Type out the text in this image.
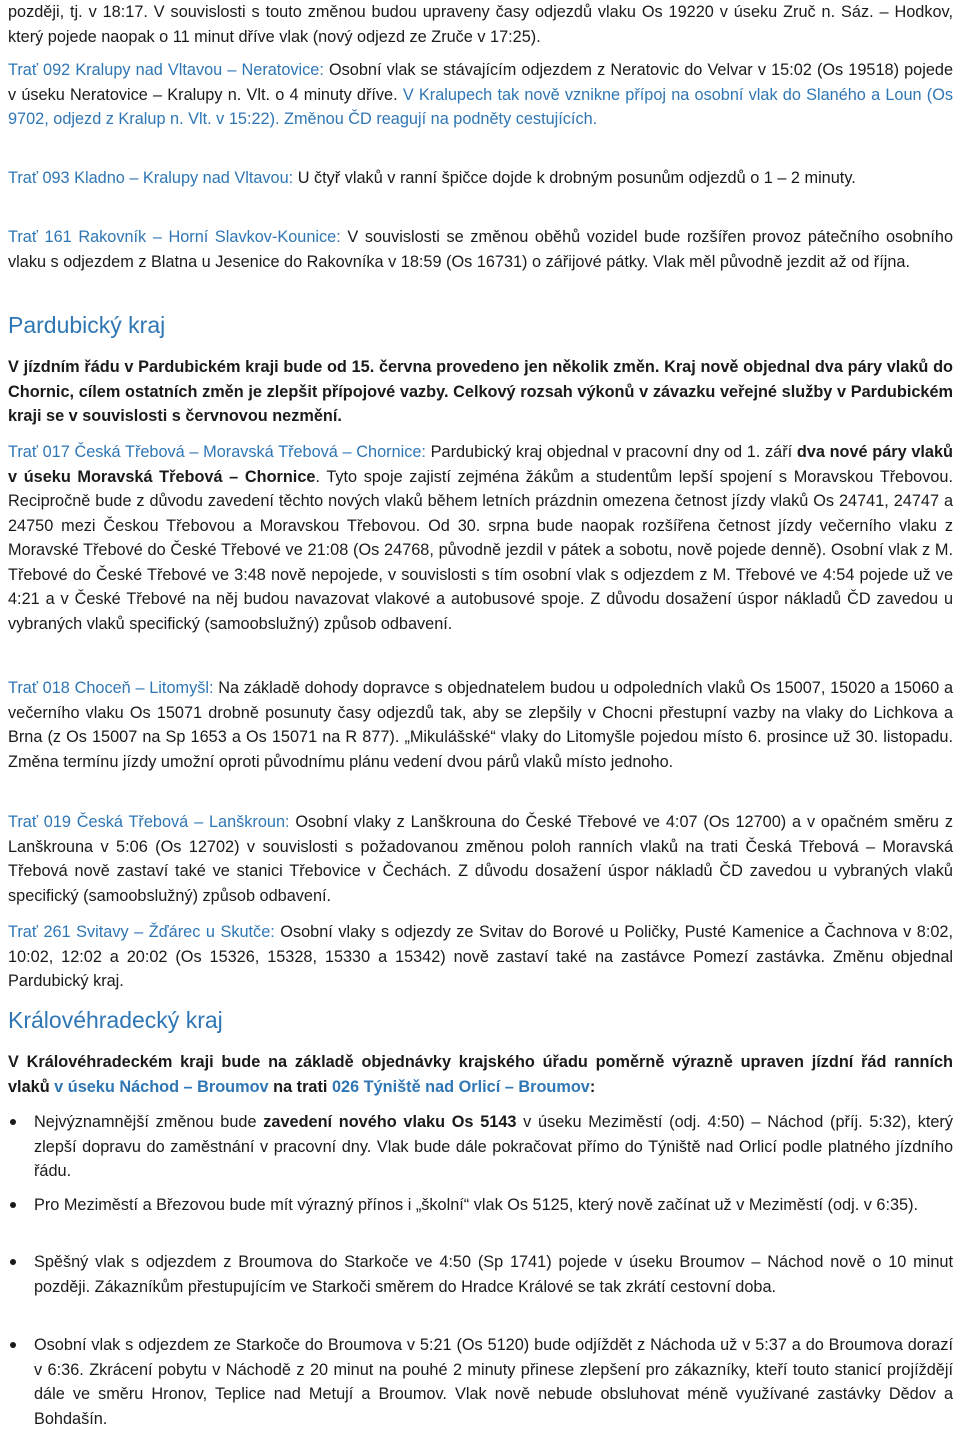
později, tj. v 18:17. V souvislosti s touto změnou budou upraveny časy odjezdů vlaku Os 19220 v úseku Zruč n. Sáz. – Hodkov, který pojede naopak o 11 minut dříve vlak (nový odjezd ze Zruče v 17:25).

Trať 092 Kralupy nad Vltavou – Neratovice: Osobní vlak se stávajícím odjezdem z Neratovic do Velvar v 15:02 (Os 19518) pojede v úseku Neratovice – Kralupy n. Vlt. o 4 minuty dříve. V Kralupech tak nově vznikne přípoj na osobní vlak do Slaného a Loun (Os 9702, odjezd z Kralup n. Vlt. v 15:22). Změnou ČD reagují na podněty cestujících.

Trať 093 Kladno – Kralupy nad Vltavou: U čtyř vlaků v ranní špičce dojde k drobným posunům odjezdů o 1 – 2 minuty.

Trať 161 Rakovník – Horní Slavkov-Kounice: V souvislosti se změnou oběhů vozidel bude rozšířen provoz pátečního osobního vlaku s odjezdem z Blatna u Jesenice do Rakovníka v 18:59 (Os 16731) o zářijové pátky. Vlak měl původně jezdit až od října.

Pardubický kraj

V jízdním řádu v Pardubickém kraji bude od 15. června provedeno jen několik změn. Kraj nově objednal dva páry vlaků do Chornic, cílem ostatních změn je zlepšit přípojové vazby. Celkový rozsah výkonů v závazku veřejné služby v Pardubickém kraji se v souvislosti s červnovou nezmění.

Trať 017 Česká Třebová – Moravská Třebová – Chornice: Pardubický kraj objednal v pracovní dny od 1. září dva nové páry vlaků v úseku Moravská Třebová – Chornice. Tyto spoje zajistí zejména žákům a studentům lepší spojení s Moravskou Třebovou. Recipročně bude z důvodu zavedení těchto nových vlaků během letních prázdnin omezena četnost jízdy vlaků Os 24741, 24747 a 24750 mezi Českou Třebovou a Moravskou Třebovou. Od 30. srpna bude naopak rozšířena četnost jízdy večerního vlaku z Moravské Třebové do České Třebové ve 21:08 (Os 24768, původně jezdil v pátek a sobotu, nově pojede denně). Osobní vlak z M. Třebové do České Třebové ve 3:48 nově nepojede, v souvislosti s tím osobní vlak s odjezdem z M. Třebové ve 4:54 pojede už ve 4:21 a v České Třebové na něj budou navazovat vlakové a autobusové spoje. Z důvodu dosažení úspor nákladů ČD zavedou u vybraných vlaků specifický (samoobslužný) způsob odbavení.

Trať 018 Choceň – Litomyšl: Na základě dohody dopravce s objednatelem budou u odpoledních vlaků Os 15007, 15020 a 15060 a večerního vlaku Os 15071 drobně posunuty časy odjezdů tak, aby se zlepšily v Chocni přestupní vazby na vlaky do Lichkova a Brna (z Os 15007 na Sp 1653 a Os 15071 na R 877). „Mikulášské“ vlaky do Litomyšle pojedou místo 6. prosince už 30. listopadu. Změna termínu jízdy umožní oproti původnímu plánu vedení dvou párů vlaků místo jednoho.

Trať 019 Česká Třebová – Lanškroun: Osobní vlaky z Lanškrouna do České Třebové ve 4:07 (Os 12700) a v opačném směru z Lanškrouna v 5:06 (Os 12702) v souvislosti s požadovanou změnou poloh ranních vlaků na trati Česká Třebová – Moravská Třebová nově zastaví také ve stanici Třebovice v Čechách. Z důvodu dosažení úspor nákladů ČD zavedou u vybraných vlaků specifický (samoobslužný) způsob odbavení.

Trať 261 Svitavy – Žďárec u Skutče: Osobní vlaky s odjezdy ze Svitav do Borové u Poličky, Pusté Kamenice a Čachnova v 8:02, 10:02, 12:02 a 20:02 (Os 15326, 15328, 15330 a 15342) nově zastaví také na zastávce Pomezí zastávka. Změnu objednal Pardubický kraj.

Královéhradecký kraj

V Královéhradeckém kraji bude na základě objednávky krajského úřadu poměrně výrazně upraven jízdní řád ranních vlaků v úseku Náchod – Broumov na trati 026 Týniště nad Orlicí – Broumov:

Nejvýznamnější změnou bude zavedení nového vlaku Os 5143 v úseku Meziměstí (odj. 4:50) – Náchod (příj. 5:32), který zlepší dopravu do zaměstnání v pracovní dny. Vlak bude dále pokračovat přímo do Týniště nad Orlicí podle platného jízdního řádu.

Pro Meziměstí a Březovou bude mít výrazný přínos i „školní“ vlak Os 5125, který nově začínat už v Meziměstí (odj. v 6:35).

Spěšný vlak s odjezdem z Broumova do Starkoče ve 4:50 (Sp 1741) pojede v úseku Broumov – Náchod nově o 10 minut později. Zákazníkům přestupujícím ve Starkoči směrem do Hradce Králové se tak zkrátí cestovní doba.

Osobní vlak s odjezdem ze Starkoče do Broumova v 5:21 (Os 5120) bude odjíždět z Náchoda už v 5:37 a do Broumova dorazí v 6:36. Zkrácení pobytu v Náchodě z 20 minut na pouhé 2 minuty přinese zlepšení pro zákazníky, kteří touto stanicí projíždějí dále ve směru Hronov, Teplice nad Metují a Broumov. Vlak nově nebude obsluhovat méně využívané zastávky Dědov a Bohdašín.
